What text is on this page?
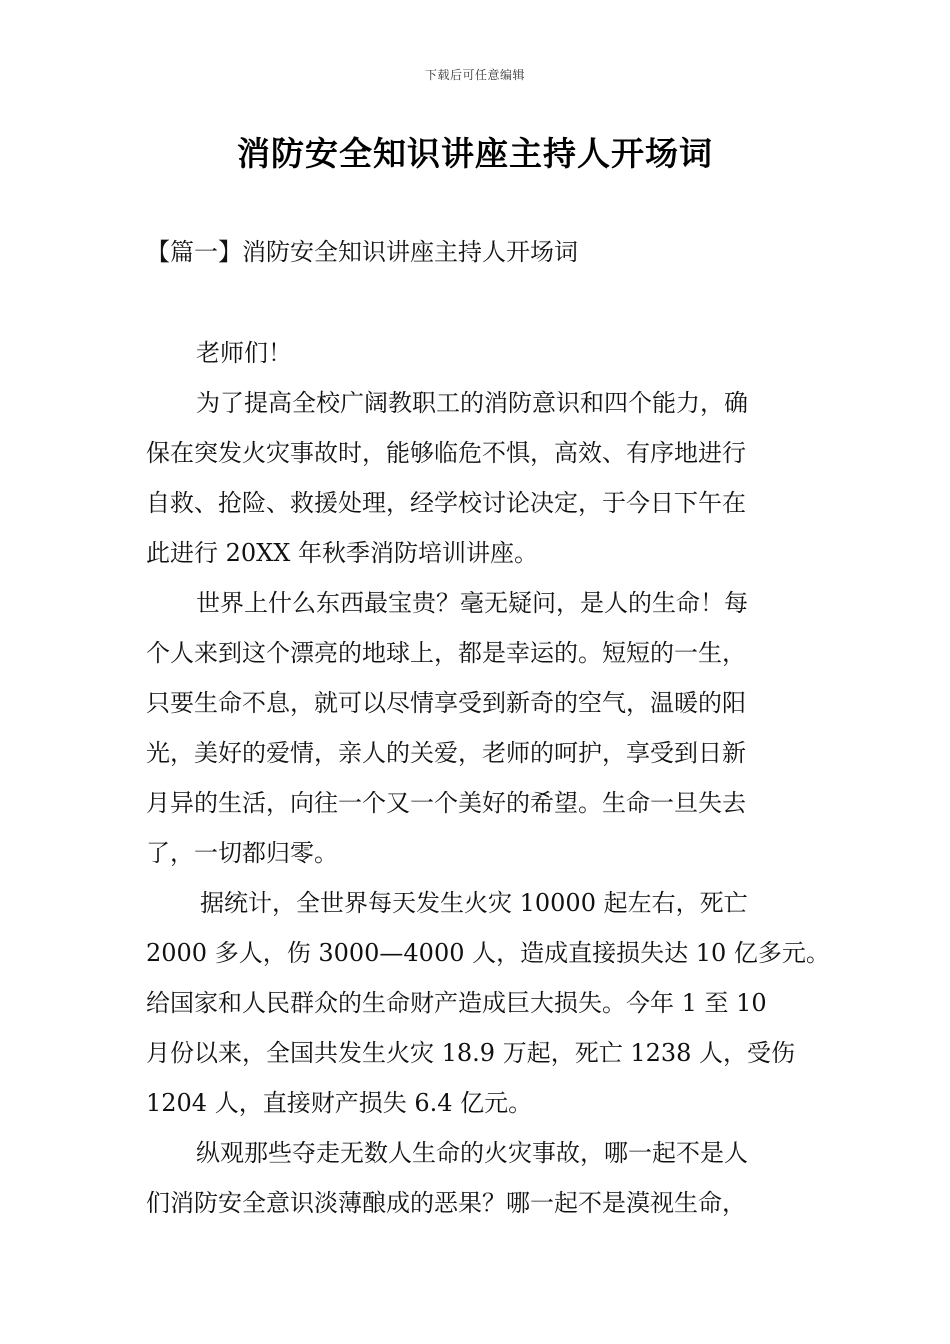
下载后可任意编辑
消防安全知识讲座主持人开场词
【篇一】消防安全知识讲座主持人开场词
老师们！
为了提高全校广阔教职工的消防意识和四个能力，确
保在突发火灾事故时，能够临危不惧，高效、有序地进行
自救、抢险、救援处理，经学校讨论决定，于今日下午在
此进行 20XX 年秋季消防培训讲座。
世界上什么东西最宝贵？毫无疑问，是人的生命！每
个人来到这个漂亮的地球上，都是幸运的。短短的一生，
只要生命不息，就可以尽情享受到新奇的空气，温暖的阳
光，美好的爱情，亲人的关爱，老师的呵护，享受到日新
月异的生活，向往一个又一个美好的希望。生命一旦失去
了，一切都归零。
据统计，全世界每天发生火灾 10000 起左右，死亡
2000 多人，伤 3000—4000 人，造成直接损失达 10 亿多元。
给国家和人民群众的生命财产造成巨大损失。今年 1 至 10
月份以来，全国共发生火灾 18.9 万起，死亡 1238 人，受伤
1204 人，直接财产损失 6.4 亿元。
纵观那些夺走无数人生命的火灾事故，哪一起不是人
们消防安全意识淡薄酿成的恶果？哪一起不是漠视生命，
